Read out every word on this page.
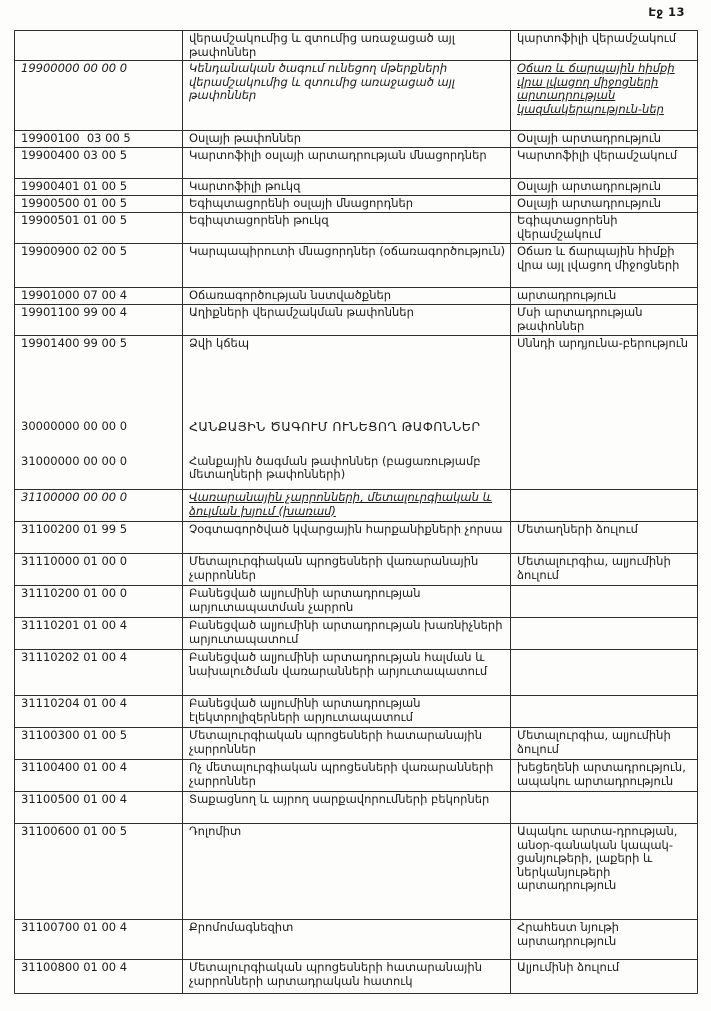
Էջ 13
	վերամշակումից և զտումից առաջացած այլ թափոններ	կարտոֆիլի վերամշակում
19900000 00 00 0	Կենդանական ծագում ունեցող մթերքների վերամշակումից և զտումից առաջացած այլ թափոններ	Օճառ և ճարպային հիմքի վրա լվացող միջոցների արտադրության կազմակերպություն-ներ
19900100  03 00 5	Օսլայի թափոններ	Օսլայի արտադրություն
19900400 03 00 5	Կարտոֆիլի օսլայի արտադրության մնացորդներ	Կարտոֆիլի վերամշակում
19900401 01 00 5	Կարտոֆիլի թուկզ	Օսլայի արտադրություն
19900500 01 00 5	Եգիպտացորենի օսլայի մնացորդներ	Օսլայի արտադրություն
19900501 01 00 5	Եգիպտացորենի թուկզ	Եգիպտացորենի վերամշակում
19900900 02 00 5	Կարպապիրուտի մնացորդներ (օճառագործություն)	Օճառ և ճարպային հիմքի վրա այլ լվացող միջոցների
19901000 07 00 4	Օճառագործության նստվածքներ	արտադրություն
19901100 99 00 4	Աղիքների վերամշակման թափոններ	Մսի արտադրության թափոններ
19901400 99 00 5	Ձվի կճեպ	Սննդի արդյունա-բերություն

30000000 00 00 0	ՀԱՆՔԱՅԻՆ ԾԱԳՈՒՄ ՈՒՆԵՑՈՂ ԹԱՓՈՆՆԵՐ	
31000000 00 00 0	Հանքային ծագման թափոններ (բացառությամբ մետաղների թափոնների)	
31100000 00 00 0	Վառարանային չարրոնների, մետալուրգիական և ձուլման խյում (խառամ)	
31100200 01 99 5	Չօգտագործված կվարցային հարքանիքների չորսա	Մետաղների ձուլում
31110000 01 00 0	Մետալուրգիական պրոցեսների վառարանային չարրոններ	Մետալուրգիա, ալյումինի ձուլում
31110200 01 00 0	Բանեցված ալյումինի արտադրության արյուտապատման չարրոն	
31110201 01 00 4	Բանեցված ալյումինի արտադրության խառնիչների արյուտապատում	
31110202 01 00 4	Բանեցված ալյումինի արտադրության հալման և նախալուծման վառարանների արյուտապատում	
31110204 01 00 4	Բանեցված ալյումինի արտադրության էլեկտրոլիզերների արյուտապատում	
31100300 01 00 5	Մետալուրգիական պրոցեսների հատարանային չարրոններ	Մետալուրգիա, ալյումինի ձուլում
31100400 01 00 4	Ոչ մետալուրգիական պրոցեսների վառարանների չարրոններ	խեցեղենի արտադրություն, ապակու արտադրություն
31100500 01 00 4	Տաքացնող և այրող սարքավորումների բեկորներ	
31100600 01 00 5	Դոլոմիտ	Ապակու արտա-դրության, անօր-գանական կապակ-ցանյութերի, լաքերի և ներկանյութերի արտադրություն
31100700 01 00 4	Քրոմոմագնեզիտ	Հրահեստ նյութի արտադրություն
31100800 01 00 4	Մետալուրգիական պրոցեսների հատարանային չարրոնների արտադրական հատուկ	Ալյումինի ձուլում
